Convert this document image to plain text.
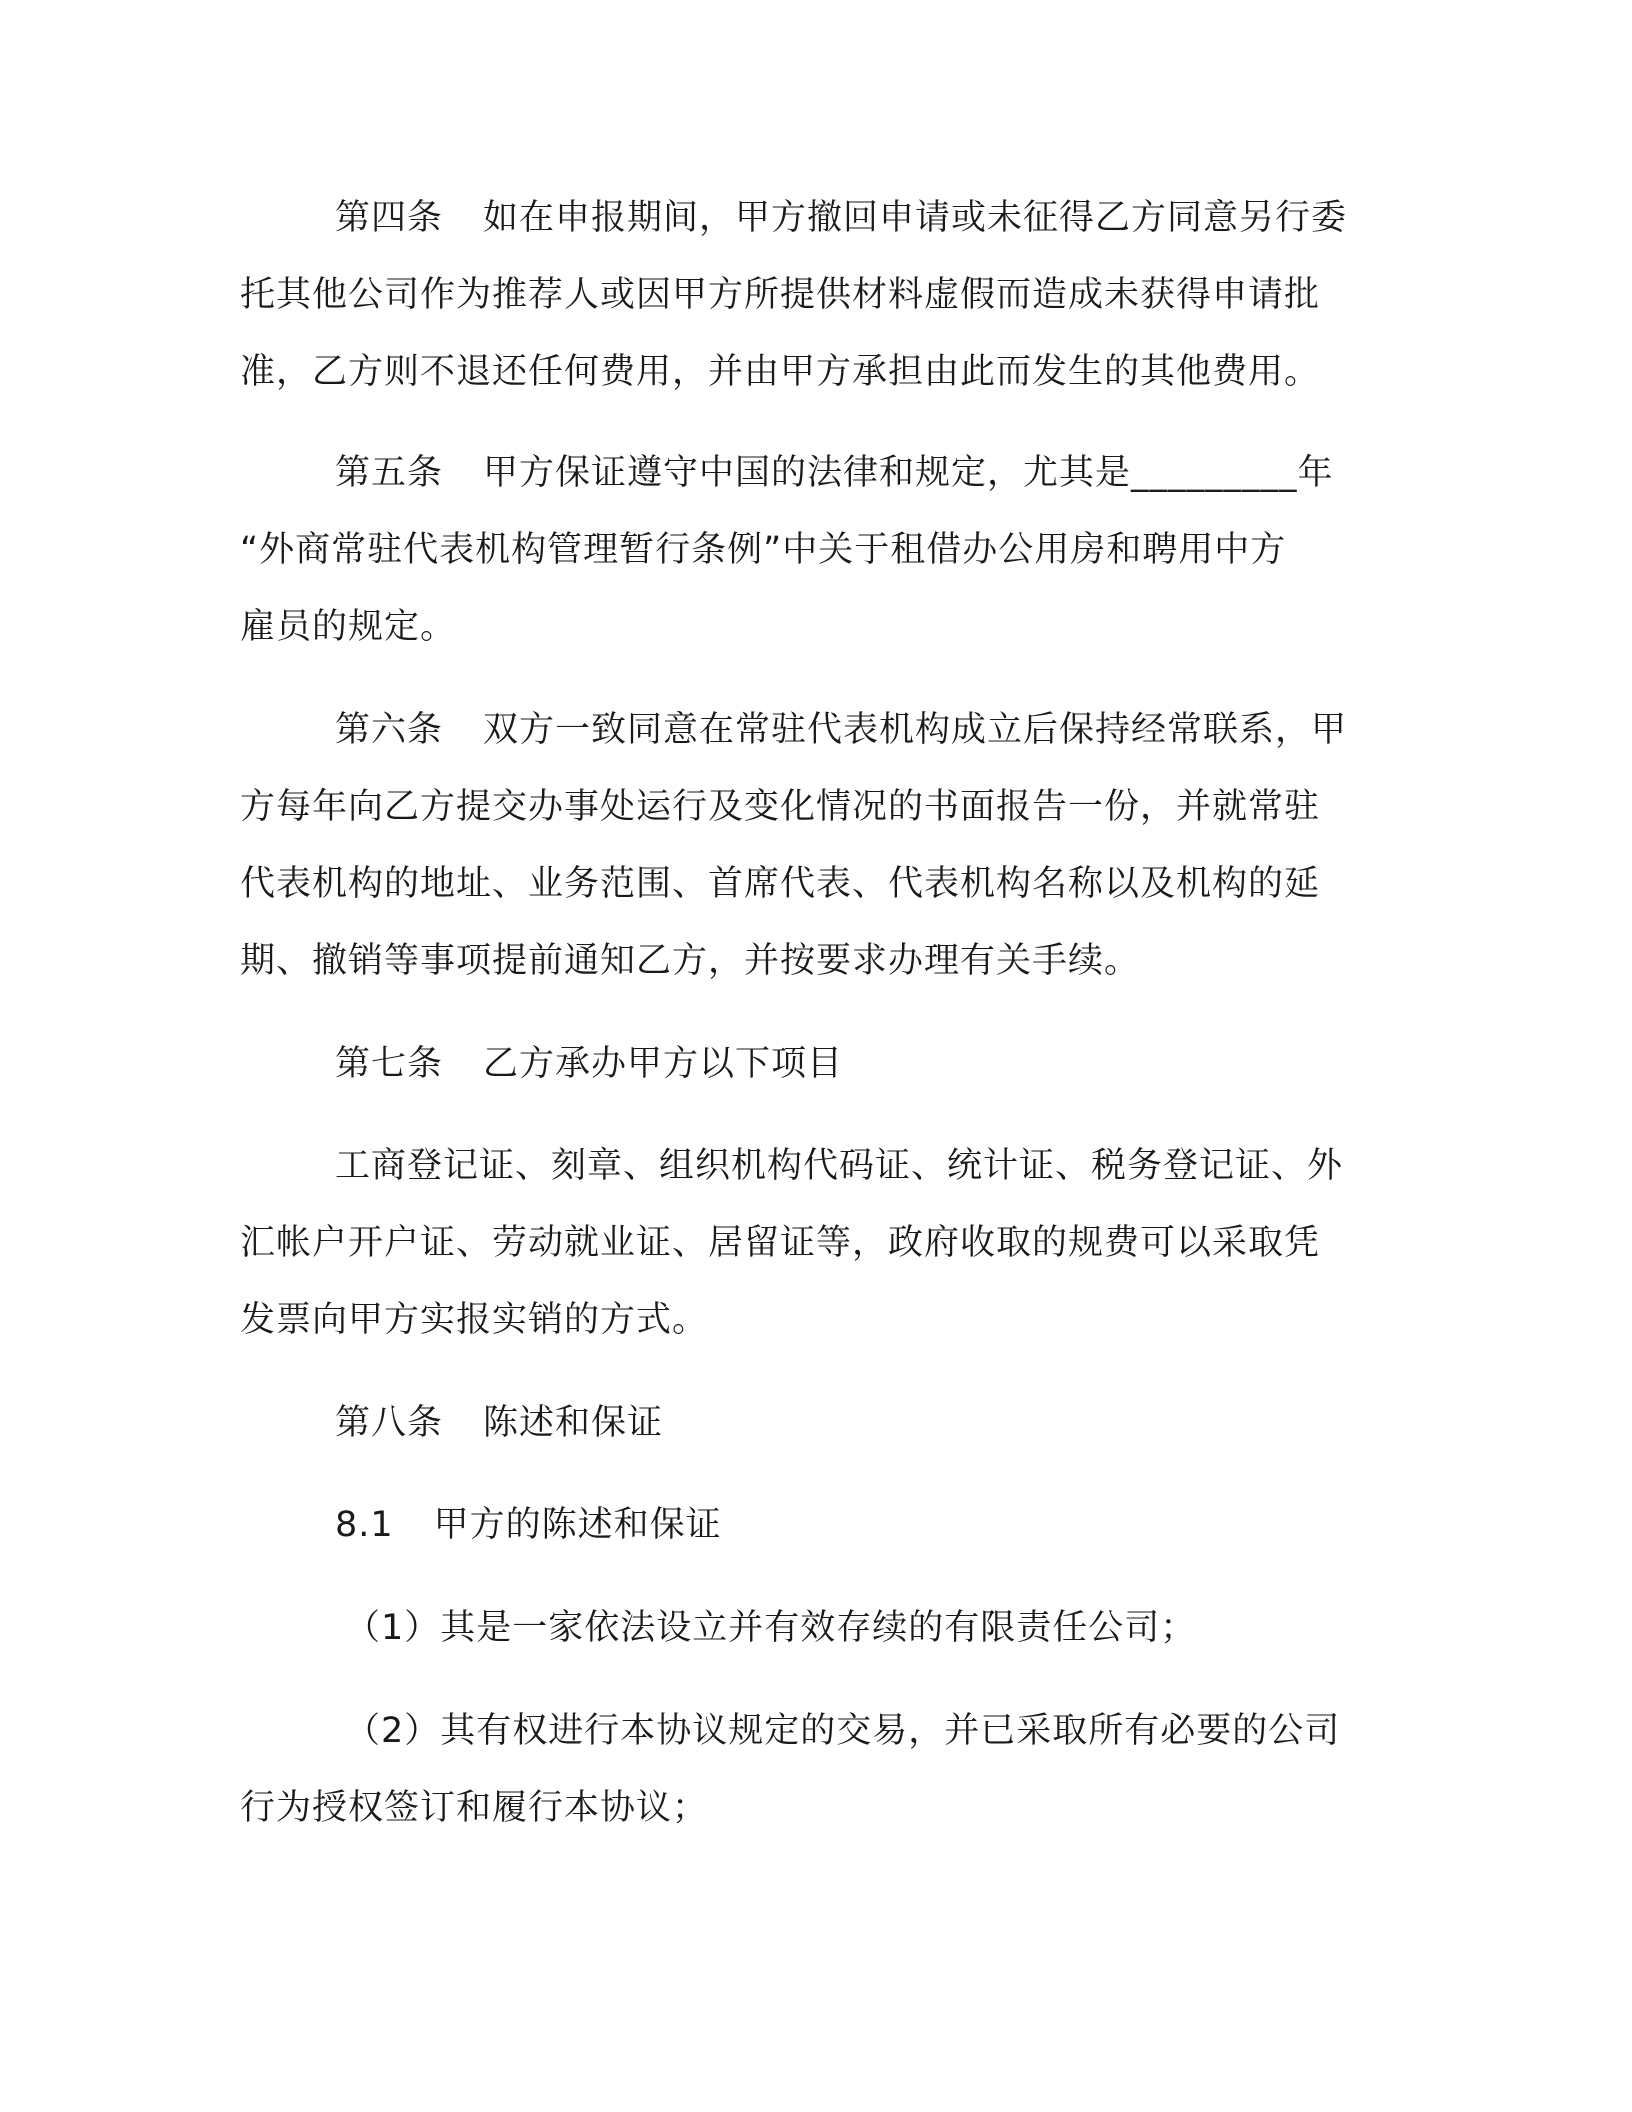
第四条 如在申报期间，甲方撤回申请或未征得乙方同意另行委
托其他公司作为推荐人或因甲方所提供材料虚假而造成未获得申请批
准，乙方则不退还任何费用，并由甲方承担由此而发生的其他费用。
第五条 甲方保证遵守中国的法律和规定，尤其是_________年
“外商常驻代表机构管理暂行条例”中关于租借办公用房和聘用中方
雇员的规定。
第六条 双方一致同意在常驻代表机构成立后保持经常联系，甲
方每年向乙方提交办事处运行及变化情况的书面报告一份，并就常驻
代表机构的地址、业务范围、首席代表、代表机构名称以及机构的延
期、撤销等事项提前通知乙方，并按要求办理有关手续。
第七条 乙方承办甲方以下项目
工商登记证、刻章、组织机构代码证、统计证、税务登记证、外
汇帐户开户证、劳动就业证、居留证等，政府收取的规费可以采取凭
发票向甲方实报实销的方式。
第八条 陈述和保证
8.1 甲方的陈述和保证
（1）其是一家依法设立并有效存续的有限责任公司；
（2）其有权进行本协议规定的交易，并已采取所有必要的公司
行为授权签订和履行本协议；
